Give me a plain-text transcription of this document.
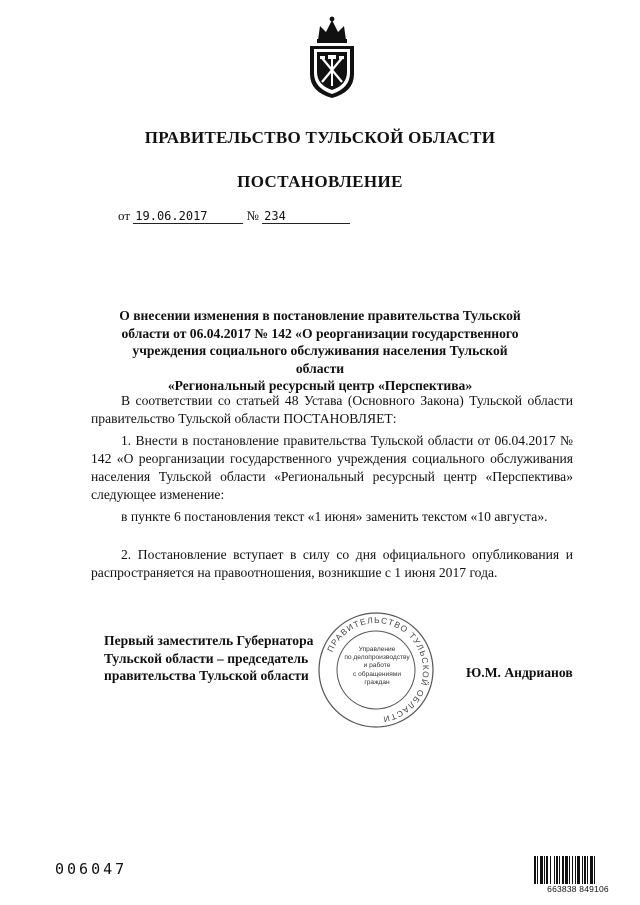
ПРАВИТЕЛЬСТВО ТУЛЬСКОЙ ОБЛАСТИ
ПОСТАНОВЛЕНИЕ
от 19.06.2017	№ 234
О внесении изменения в постановление правительства Тульской
области от 06.04.2017 № 142 «О реорганизации государственного
учреждения социального обслуживания населения Тульской области
«Региональный ресурсный центр «Перспектива»
В соответствии со статьей 48 Устава (Основного Закона) Тульской области правительство Тульской области ПОСТАНОВЛЯЕТ:
1. Внести в постановление правительства Тульской области от 06.04.2017 № 142 «О реорганизации государственного учреждения социального обслуживания населения Тульской области «Региональный ресурсный центр «Перспектива» следующее изменение:
в пункте 6 постановления текст «1 июня» заменить текстом «10 августа».
2. Постановление вступает в силу со дня официального опубликования и распространяется на правоотношения, возникшие с 1 июня 2017 года.
Первый заместитель Губернатора
Тульской области – председатель
правительства Тульской области
ПРАВИТЕЛЬСТВО ТУЛЬСКОЙ ОБЛАСТИ
Управление
по делопроизводству
и работе
с обращениями
граждан
Ю.М. Андрианов
006047
663838 849106
